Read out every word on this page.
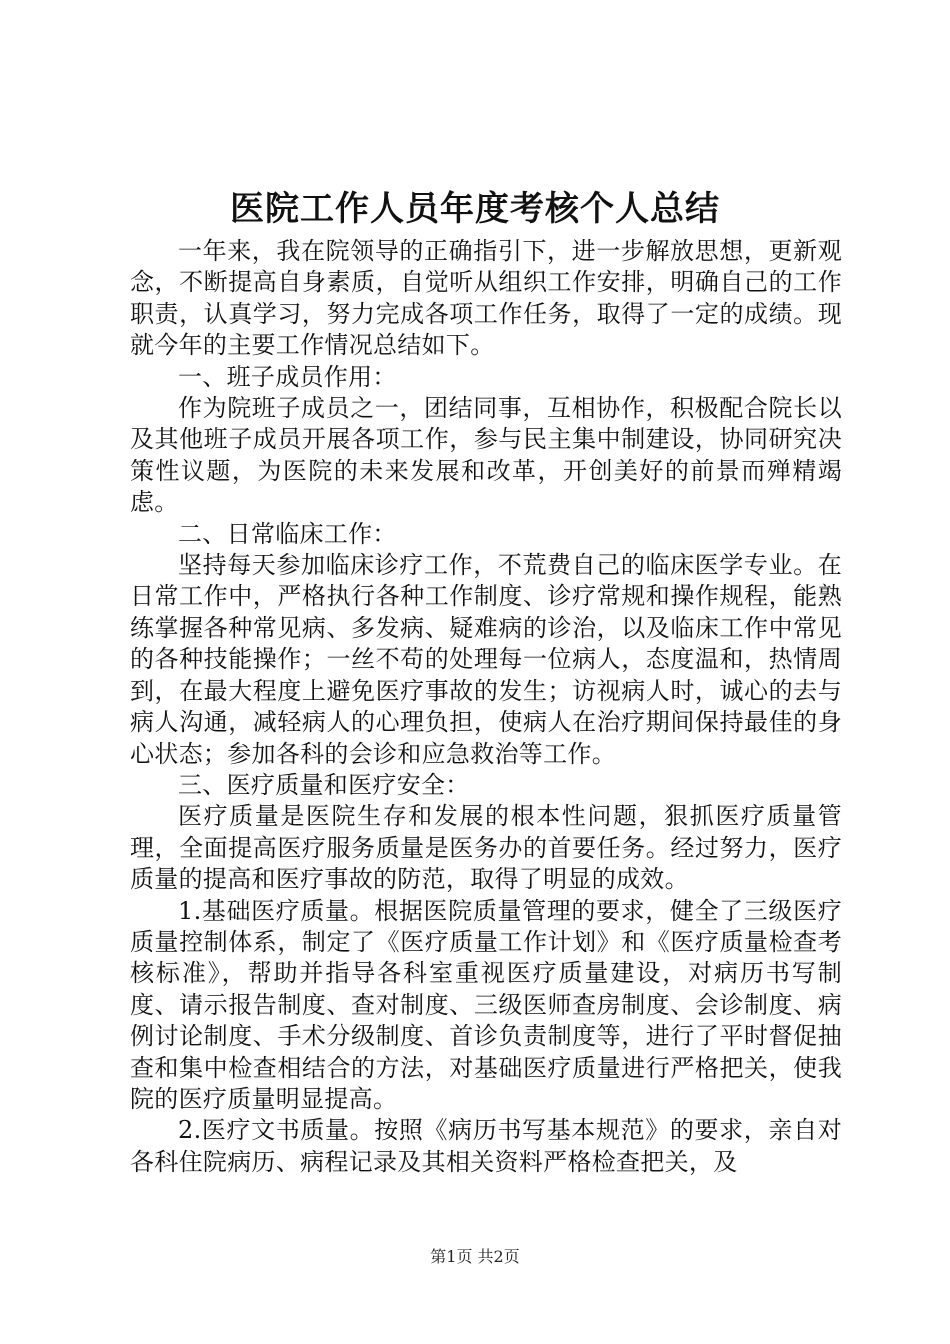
医院工作人员年度考核个人总结

一年来，我在院领导的正确指引下，进一步解放思想，更新观念，不断提高自身素质，自觉听从组织工作安排，明确自己的工作职责，认真学习，努力完成各项工作任务，取得了一定的成绩。现就今年的主要工作情况总结如下。

一、班子成员作用：

作为院班子成员之一，团结同事，互相协作，积极配合院长以及其他班子成员开展各项工作，参与民主集中制建设，协同研究决策性议题，为医院的未来发展和改革，开创美好的前景而殚精竭虑。

二、日常临床工作：

坚持每天参加临床诊疗工作，不荒费自己的临床医学专业。在日常工作中，严格执行各种工作制度、诊疗常规和操作规程，能熟练掌握各种常见病、多发病、疑难病的诊治，以及临床工作中常见的各种技能操作；一丝不苟的处理每一位病人，态度温和，热情周到，在最大程度上避免医疗事故的发生；访视病人时，诚心的去与病人沟通，减轻病人的心理负担，使病人在治疗期间保持最佳的身心状态；参加各科的会诊和应急救治等工作。

三、医疗质量和医疗安全：

医疗质量是医院生存和发展的根本性问题，狠抓医疗质量管理，全面提高医疗服务质量是医务办的首要任务。经过努力，医疗质量的提高和医疗事故的防范，取得了明显的成效。

1.基础医疗质量。根据医院质量管理的要求，健全了三级医疗质量控制体系，制定了《医疗质量工作计划》和《医疗质量检查考核标准》，帮助并指导各科室重视医疗质量建设，对病历书写制度、请示报告制度、查对制度、三级医师查房制度、会诊制度、病例讨论制度、手术分级制度、首诊负责制度等，进行了平时督促抽查和集中检查相结合的方法，对基础医疗质量进行严格把关，使我院的医疗质量明显提高。

2.医疗文书质量。按照《病历书写基本规范》的要求，亲自对各科住院病历、病程记录及其相关资料严格检查把关，及

第1页 共2页
